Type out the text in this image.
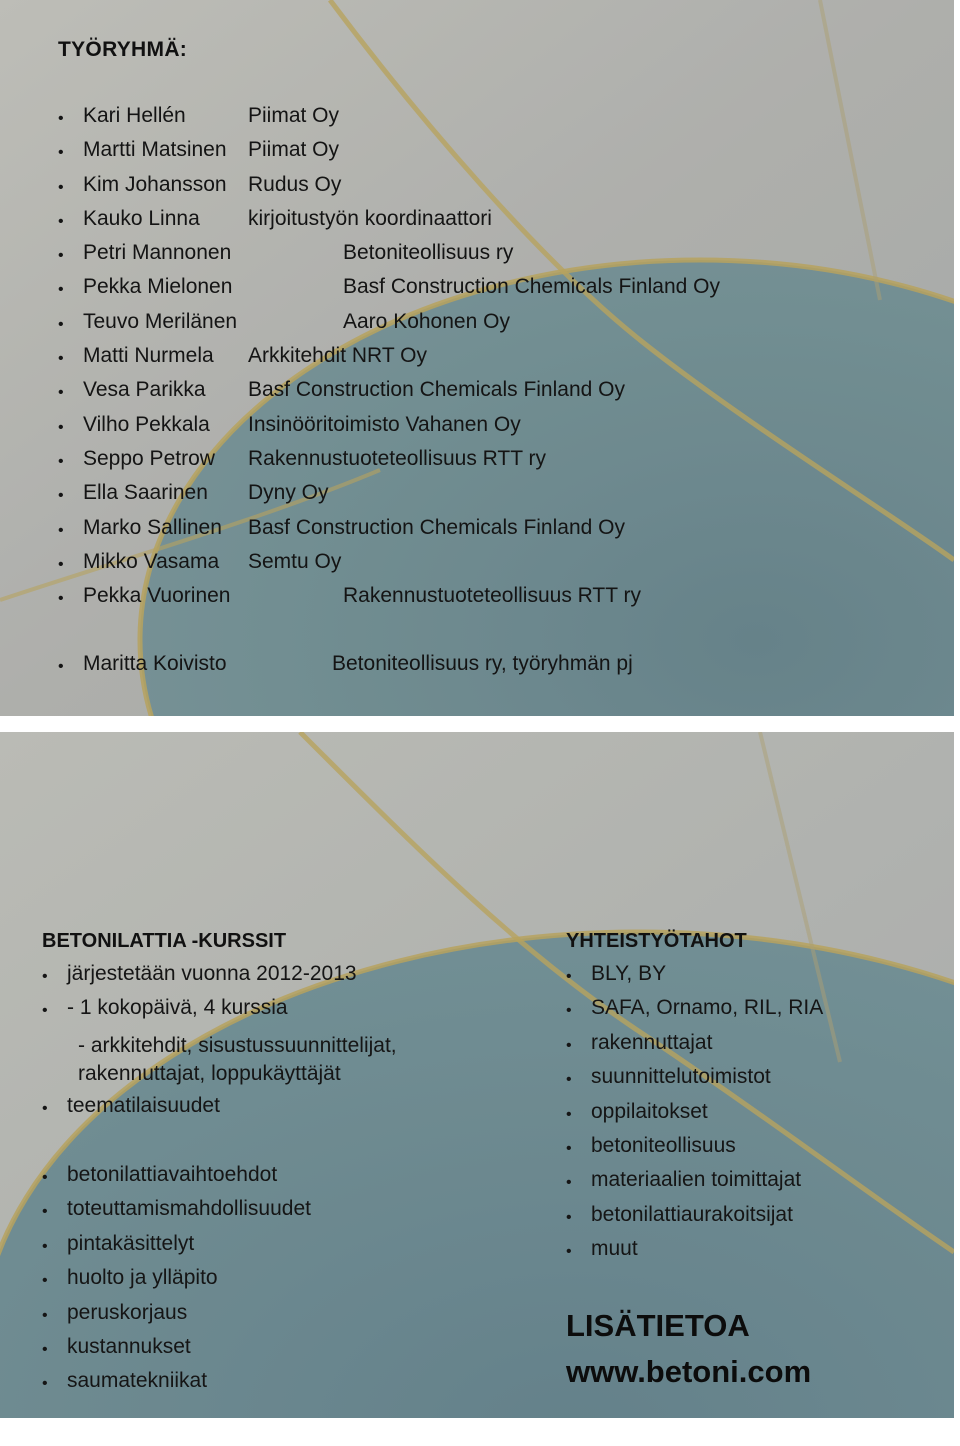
TYÖRYHMÄ:
• Kari Hellén	Piimat Oy
• Martti Matsinen Piimat Oy
• Kim Johansson Rudus Oy
• Kauko Linna kirjoitustyön koordinaattori
• Petri Mannonen	Betoniteollisuus ry
• Pekka Mielonen	Basf Construction Chemicals Finland Oy
• Teuvo Merilänen	Aaro Kohonen Oy
• Matti Nurmela Arkkitehdit NRT Oy
• Vesa Parikka Basf Construction Chemicals Finland Oy
• Vilho Pekkala Insinööritoimisto Vahanen Oy
• Seppo Petrow Rakennustuoteteollisuus RTT ry
• Ella Saarinen Dyny Oy
• Marko Sallinen Basf Construction Chemicals Finland Oy
• Mikko Vasama Semtu Oy
• Pekka Vuorinen	Rakennustuoteteollisuus RTT ry
• Maritta Koivisto	Betoniteollisuus ry, työryhmän pj
BETONILATTIA -KURSSIT
• järjestetään vuonna 2012-2013
• - 1 kokopäivä, 4 kurssia
- arkkitehdit, sisustussuunnittelijat,
rakennuttajat, loppukäyttäjät
• teematilaisuudet
• betonilattiavaihtoehdot
• toteuttamismahdollisuudet
• pintakäsittelyt
• huolto ja ylläpito
• peruskorjaus
• kustannukset
• saumatekniikat
YHTEISTYÖTAHOT
• BLY, BY
• SAFA, Ornamo, RIL, RIA
• rakennuttajat
• suunnittelutoimistot
• oppilaitokset
• betoniteollisuus
• materiaalien toimittajat
• betonilattiaurakoitsijat
• muut
LISÄTIETOA
www.betoni.com
